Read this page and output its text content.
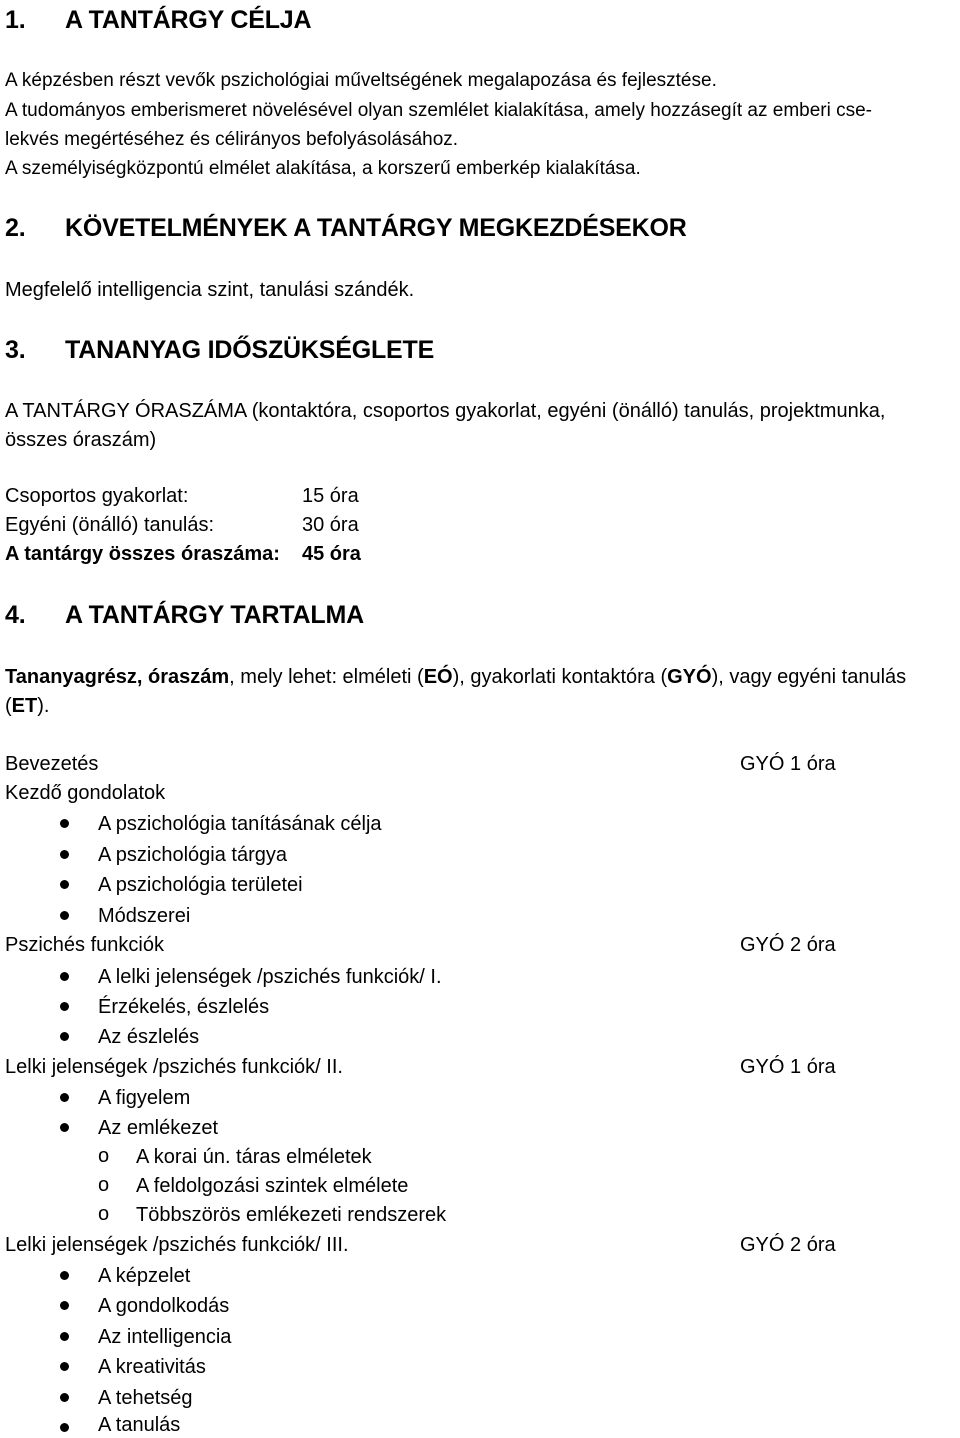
1. A TANTÁRGY CÉLJA
A képzésben részt vevők pszichológiai műveltségének megalapozása és fejlesztése.
A tudományos emberismeret növelésével olyan szemlélet kialakítása, amely hozzásegít az emberi cse-
lekvés megértéséhez és célirányos befolyásolásához.
A személyiségközpontú elmélet alakítása, a korszerű emberkép kialakítása.
2. KÖVETELMÉNYEK A TANTÁRGY MEGKEZDÉSEKOR
Megfelelő intelligencia szint, tanulási szándék.
3. TANANYAG IDŐSZÜKSÉGLETE
A TANTÁRGY ÓRASZÁMA (kontaktóra, csoportos gyakorlat, egyéni (önálló) tanulás, projektmunka,
összes óraszám)
Csoportos gyakorlat:	15 óra
Egyéni (önálló) tanulás:	30 óra
A tantárgy összes óraszáma: 45 óra
4. A TANTÁRGY TARTALMA
Tananyagrész, óraszám, mely lehet: elméleti (EÓ), gyakorlati kontaktóra (GYÓ), vagy egyéni tanulás
(ET).
Bevezetés	GYÓ 1 óra
Kezdő gondolatok
A pszichológia tanításának célja
A pszichológia tárgya
A pszichológia területei
Módszerei
Pszichés funkciók	GYÓ 2 óra
A lelki jelenségek /pszichés funkciók/ I.
Érzékelés, észlelés
Az észlelés
Lelki jelenségek /pszichés funkciók/ II.	GYÓ 1 óra
A figyelem
Az emlékezet
o A korai ún. táras elméletek
o A feldolgozási szintek elmélete
o Többszörös emlékezeti rendszerek
Lelki jelenségek /pszichés funkciók/ III.	GYÓ 2 óra
A képzelet
A gondolkodás
Az intelligencia
A kreativitás
A tehetség
A tanulás
